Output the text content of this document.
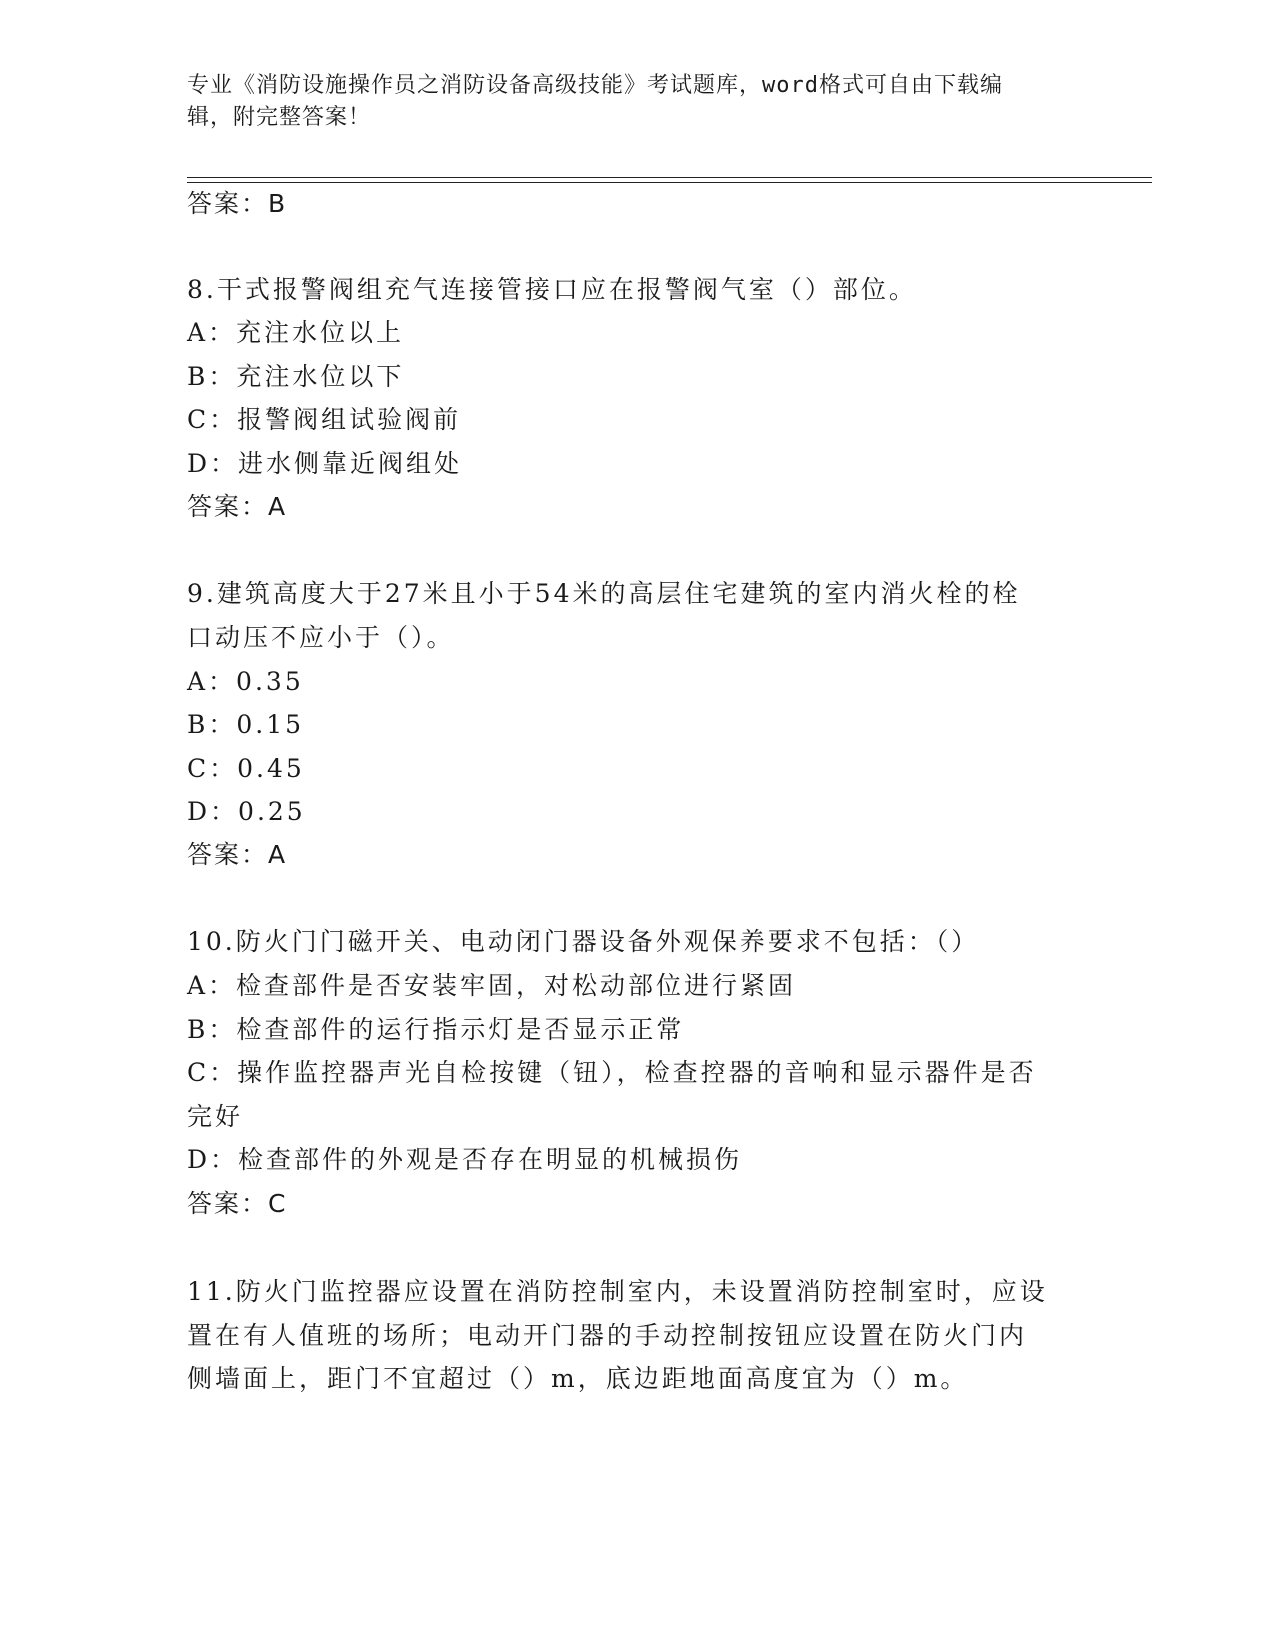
专业《消防设施操作员之消防设备高级技能》考试题库，word格式可自由下载编
辑，附完整答案！
答案：B
8.干式报警阀组充气连接管接口应在报警阀气室（）部位。
A：充注水位以上
B：充注水位以下
C：报警阀组试验阀前
D：进水侧靠近阀组处
答案：A
9.建筑高度大于27米且小于54米的高层住宅建筑的室内消火栓的栓
口动压不应小于（）。
A：0.35
B：0.15
C：0.45
D：0.25
答案：A
10.防火门门磁开关、电动闭门器设备外观保养要求不包括：（）
A：检查部件是否安装牢固，对松动部位进行紧固
B：检查部件的运行指示灯是否显示正常
C：操作监控器声光自检按键（钮），检查控器的音响和显示器件是否
完好
D：检查部件的外观是否存在明显的机械损伤
答案：C
11.防火门监控器应设置在消防控制室内，未设置消防控制室时，应设
置在有人值班的场所；电动开门器的手动控制按钮应设置在防火门内
侧墙面上，距门不宜超过（）m，底边距地面高度宜为（）m。
